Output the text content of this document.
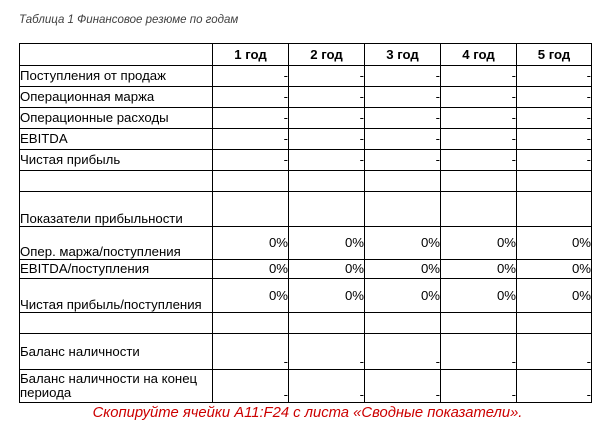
Таблица 1 Финансовое резюме по годам
	1 год	2 год	3 год	4 год	5 год
Поступления от продаж	-	-	-	-	-
Операционная маржа	-	-	-	-	-
Операционные расходы	-	-	-	-	-
EBITDA	-	-	-	-	-
Чистая прибыль	-	-	-	-	-

Показатели прибыльности					
Опер. маржа/поступления	0%	0%	0%	0%	0%
EBITDA/поступления	0%	0%	0%	0%	0%
Чистая прибыль/поступления	0%	0%	0%	0%	0%

Баланс наличности	-	-	-	-	-
Баланс наличности на конец периода	-	-	-	-	-
Скопируйте ячейки A11:F24 с листа «Сводные показатели».
